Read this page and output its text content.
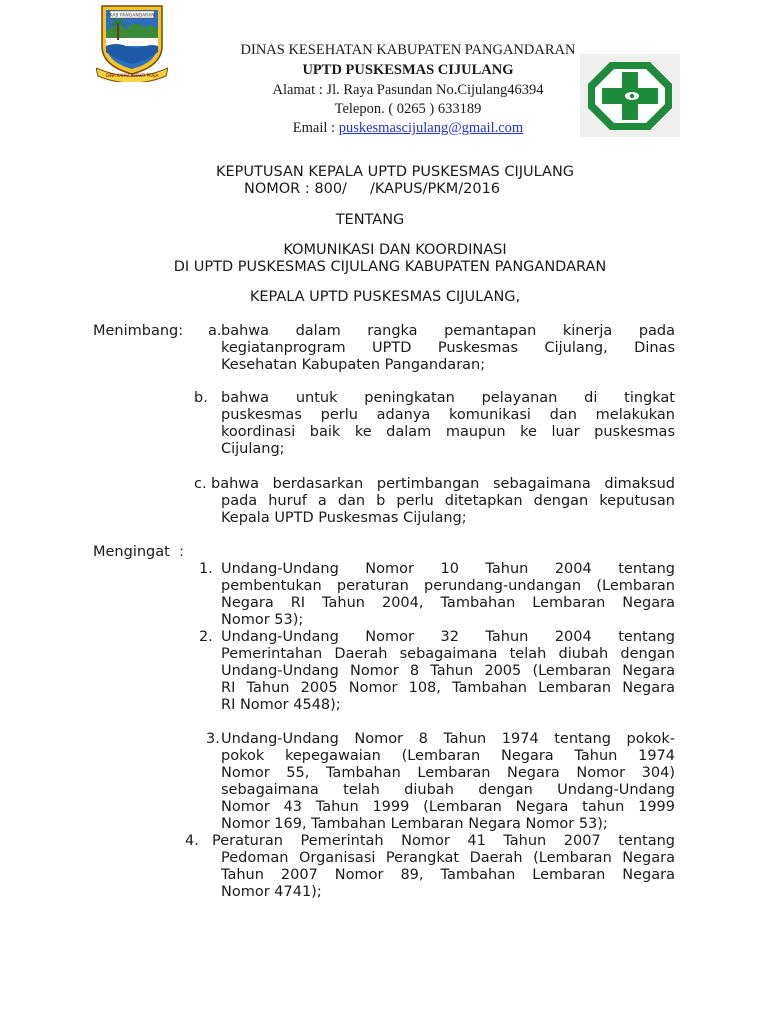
KAB PANGANDARAN
DINA KARYA BHAKTI PRAJA
DINAS KESEHATAN KABUPATEN PANGANDARAN
UPTD PUSKESMAS CIJULANG
Alamat : Jl. Raya Pasundan No.Cijulang46394
Telepon. ( 0265 ) 633189
Email : puskesmascijulang@gmail.com
KEPUTUSAN KEPALA UPTD PUSKESMAS CIJULANG
NOMOR : 800/     /KAPUS/PKM/2016
TENTANG
KOMUNIKASI DAN KOORDINASI
DI UPTD PUSKESMAS CIJULANG KABUPATEN PANGANDARAN
KEPALA UPTD PUSKESMAS CIJULANG,
Menimbang: a. bahwa dalam rangka pemantapan kinerja pada
kegiatanprogram UPTD Puskesmas Cijulang, Dinas
Kesehatan Kabupaten Pangandaran;
b. bahwa untuk peningkatan pelayanan di tingkat
puskesmas perlu adanya komunikasi dan melakukan
koordinasi baik ke dalam maupun ke luar puskesmas
Cijulang;
c. bahwa berdasarkan pertimbangan sebagaimana dimaksud
pada huruf a dan b perlu ditetapkan dengan keputusan
Kepala UPTD Puskesmas Cijulang;
Mengingat  :
1. Undang-Undang Nomor 10 Tahun 2004 tentang
pembentukan peraturan perundang-undangan (Lembaran
Negara RI Tahun 2004, Tambahan Lembaran Negara
Nomor 53);
2. Undang-Undang Nomor 32 Tahun 2004 tentang
Pemerintahan Daerah sebagaimana telah diubah dengan
Undang-Undang Nomor 8 Tahun 2005 (Lembaran Negara
RI Tahun 2005 Nomor 108, Tambahan Lembaran Negara
RI Nomor 4548);
3. Undang-Undang Nomor 8 Tahun 1974 tentang pokok-
pokok kepegawaian (Lembaran Negara Tahun 1974
Nomor 55, Tambahan Lembaran Negara Nomor 304)
sebagaimana telah diubah dengan Undang-Undang
Nomor 43 Tahun 1999 (Lembaran Negara tahun 1999
Nomor 169, Tambahan Lembaran Negara Nomor 53);
4. Peraturan Pemerintah Nomor 41 Tahun 2007 tentang
Pedoman Organisasi Perangkat Daerah (Lembaran Negara
Tahun 2007 Nomor 89, Tambahan Lembaran Negara
Nomor 4741);
